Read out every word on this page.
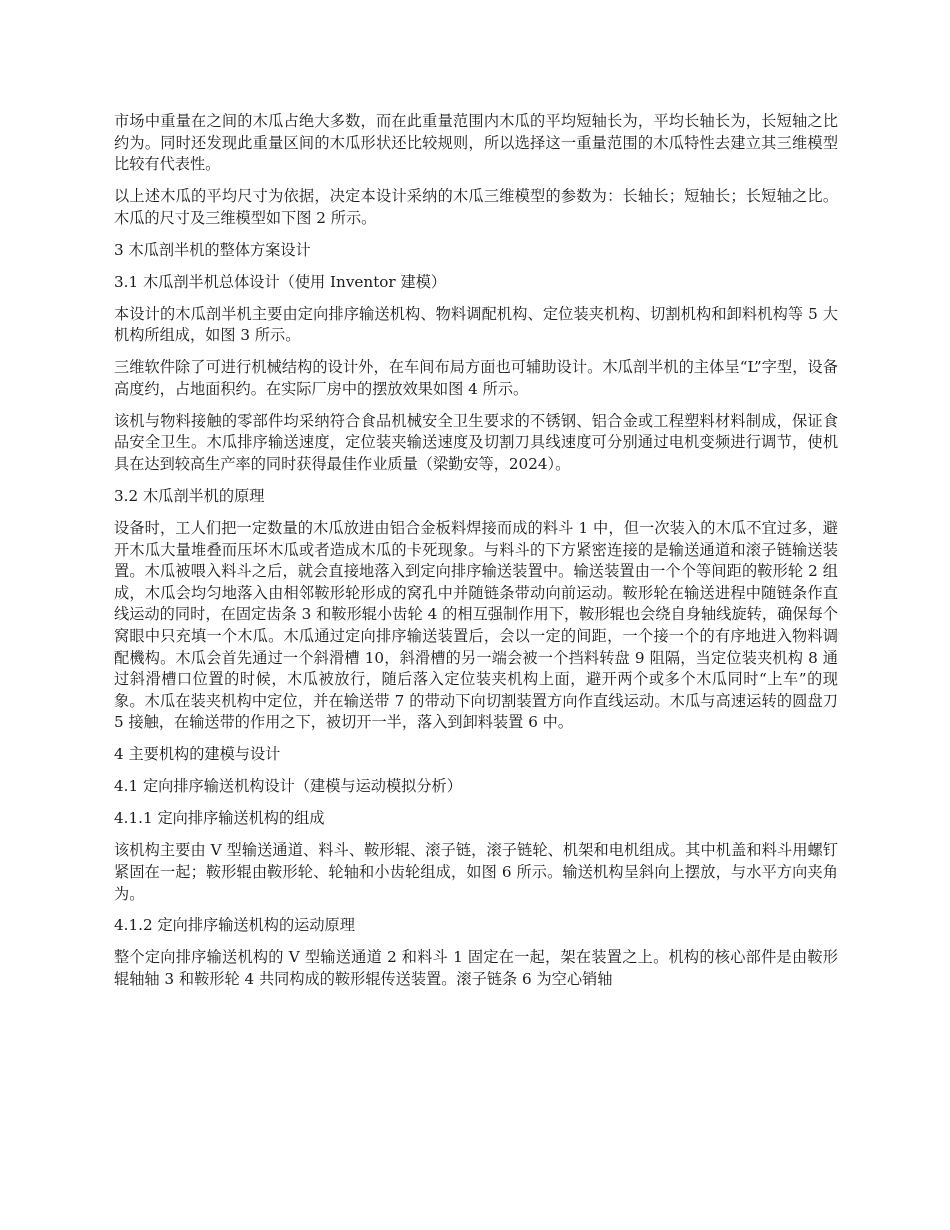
市场中重量在之间的木瓜占绝大多数，而在此重量范围内木瓜的平均短轴长为，平均长轴长为，长短轴之比约为。同时还发现此重量区间的木瓜形状还比较规则，所以选择这一重量范围的木瓜特性去建立其三维模型比较有代表性。

以上述木瓜的平均尺寸为依据，决定本设计采纳的木瓜三维模型的参数为：长轴长；短轴长；长短轴之比。木瓜的尺寸及三维模型如下图 2 所示。

3 木瓜剖半机的整体方案设计

3.1 木瓜剖半机总体设计（使用 Inventor 建模）

本设计的木瓜剖半机主要由定向排序输送机构、物料调配机构、定位装夹机构、切割机构和卸料机构等 5 大机构所组成，如图 3 所示。

三维软件除了可进行机械结构的设计外，在车间布局方面也可辅助设计。木瓜剖半机的主体呈“L”字型，设备高度约，占地面积约。在实际厂房中的摆放效果如图 4 所示。

该机与物料接触的零部件均采纳符合食品机械安全卫生要求的不锈钢、铝合金或工程塑料材料制成，保证食品安全卫生。木瓜排序输送速度，定位装夹输送速度及切割刀具线速度可分别通过电机变频进行调节，使机具在达到较高生产率的同时获得最佳作业质量（梁勤安等，2024）。

3.2 木瓜剖半机的原理

设备时，工人们把一定数量的木瓜放进由铝合金板料焊接而成的料斗 1 中，但一次装入的木瓜不宜过多，避开木瓜大量堆叠而压坏木瓜或者造成木瓜的卡死现象。与料斗的下方紧密连接的是输送通道和滚子链输送装置。木瓜被喂入料斗之后，就会直接地落入到定向排序输送装置中。输送装置由一个个等间距的鞍形轮 2 组成，木瓜会均匀地落入由相邻鞍形轮形成的窝孔中并随链条带动向前运动。鞍形轮在输送进程中随链条作直线运动的同时，在固定齿条 3 和鞍形辊小齿轮 4 的相互强制作用下，鞍形辊也会绕自身轴线旋转，确保每个窝眼中只充填一个木瓜。木瓜通过定向排序输送装置后，会以一定的间距，一个接一个的有序地进入物料调配機构。木瓜会首先通过一个斜滑槽 10，斜滑槽的另一端会被一个挡料转盘 9 阻隔，当定位装夹机构 8 通过斜滑槽口位置的时候，木瓜被放行，随后落入定位装夹机构上面，避开两个或多个木瓜同时“上车”的现象。木瓜在装夹机构中定位，并在输送带 7 的带动下向切割装置方向作直线运动。木瓜与高速运转的圆盘刀 5 接触，在输送带的作用之下，被切开一半，落入到卸料装置 6 中。

4 主要机构的建模与设计

4.1 定向排序输送机构设计（建模与运动模拟分析）

4.1.1 定向排序输送机构的组成

该机构主要由 V 型输送通道、料斗、鞍形辊、滚子链，滚子链轮、机架和电机组成。其中机盖和料斗用螺钉紧固在一起；鞍形辊由鞍形轮、轮轴和小齿轮组成，如图 6 所示。输送机构呈斜向上摆放，与水平方向夹角为。

4.1.2 定向排序输送机构的运动原理

整个定向排序输送机构的 V 型输送通道 2 和料斗 1 固定在一起，架在装置之上。机构的核心部件是由鞍形辊轴轴 3 和鞍形轮 4 共同构成的鞍形辊传送装置。滚子链条 6 为空心销轴
